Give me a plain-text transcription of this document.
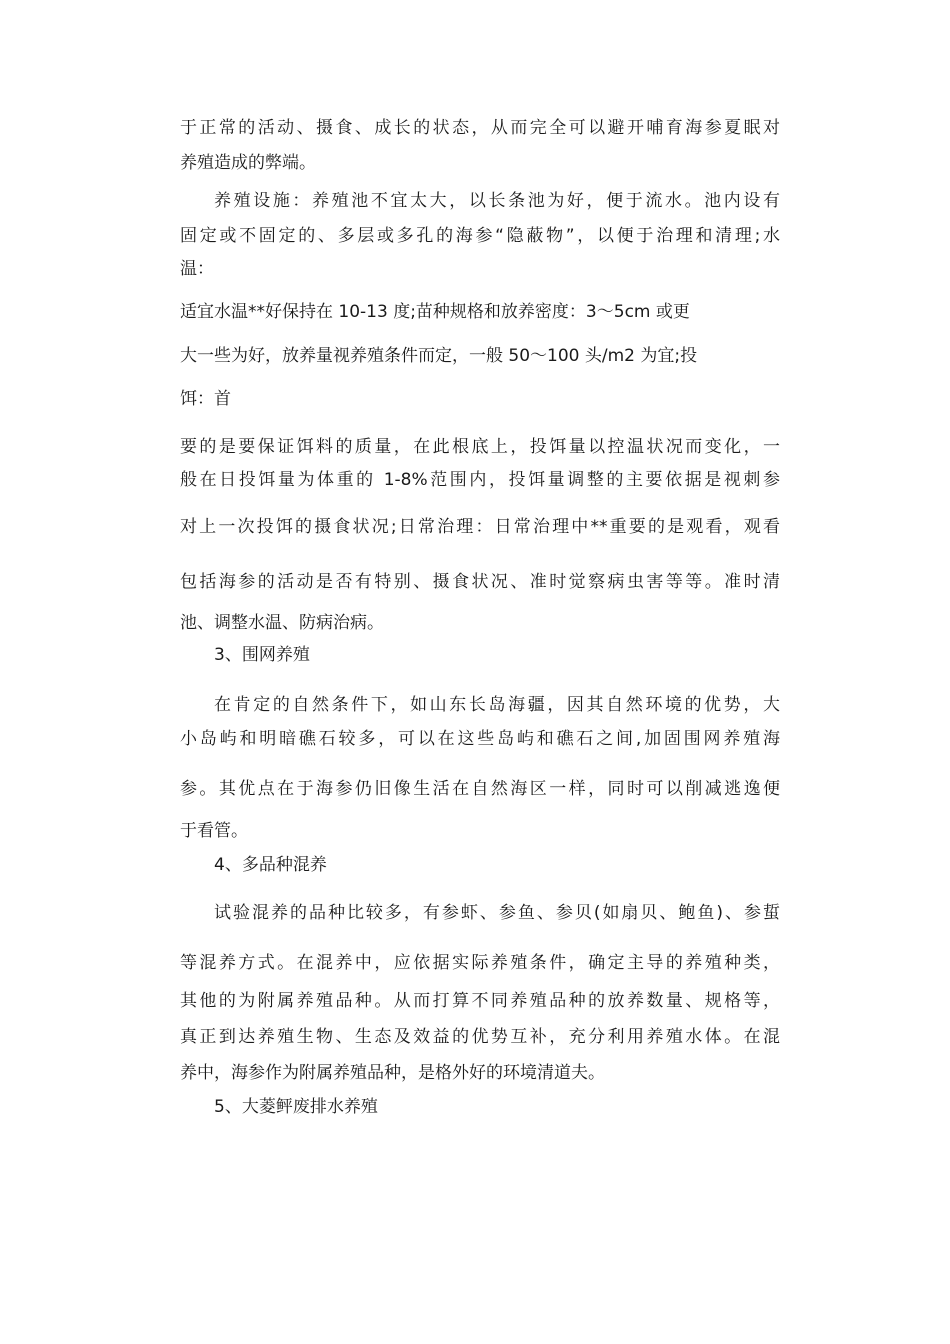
于正常的活动、摄食、成长的状态，从而完全可以避开哺育海参夏眠对
养殖造成的弊端。
养殖设施：养殖池不宜太大，以长条池为好，便于流水。池内设有
固定或不固定的、多层或多孔的海参“隐蔽物”，以便于治理和清理;水
温：
适宜水温**好保持在 10-13 度;苗种规格和放养密度：3～5cm 或更
大一些为好，放养量视养殖条件而定，一般 50～100 头/m2 为宜;投
饵：首
要的是要保证饵料的质量，在此根底上，投饵量以控温状况而变化，一
般在日投饵量为体重的 1-8%范围内，投饵量调整的主要依据是视刺参
对上一次投饵的摄食状况;日常治理：日常治理中**重要的是观看，观看
包括海参的活动是否有特别、摄食状况、准时觉察病虫害等等。准时清
池、调整水温、防病治病。
3、围网养殖
在肯定的自然条件下，如山东长岛海疆，因其自然环境的优势，大
小岛屿和明暗礁石较多，可以在这些岛屿和礁石之间,加固围网养殖海
参。其优点在于海参仍旧像生活在自然海区一样，同时可以削减逃逸便
于看管。
4、多品种混养
试验混养的品种比较多，有参虾、参鱼、参贝(如扇贝、鲍鱼)、参蜇
等混养方式。在混养中，应依据实际养殖条件，确定主导的养殖种类，
其他的为附属养殖品种。从而打算不同养殖品种的放养数量、规格等，
真正到达养殖生物、生态及效益的优势互补，充分利用养殖水体。在混
养中，海参作为附属养殖品种，是格外好的环境清道夫。
5、大菱鲆废排水养殖
